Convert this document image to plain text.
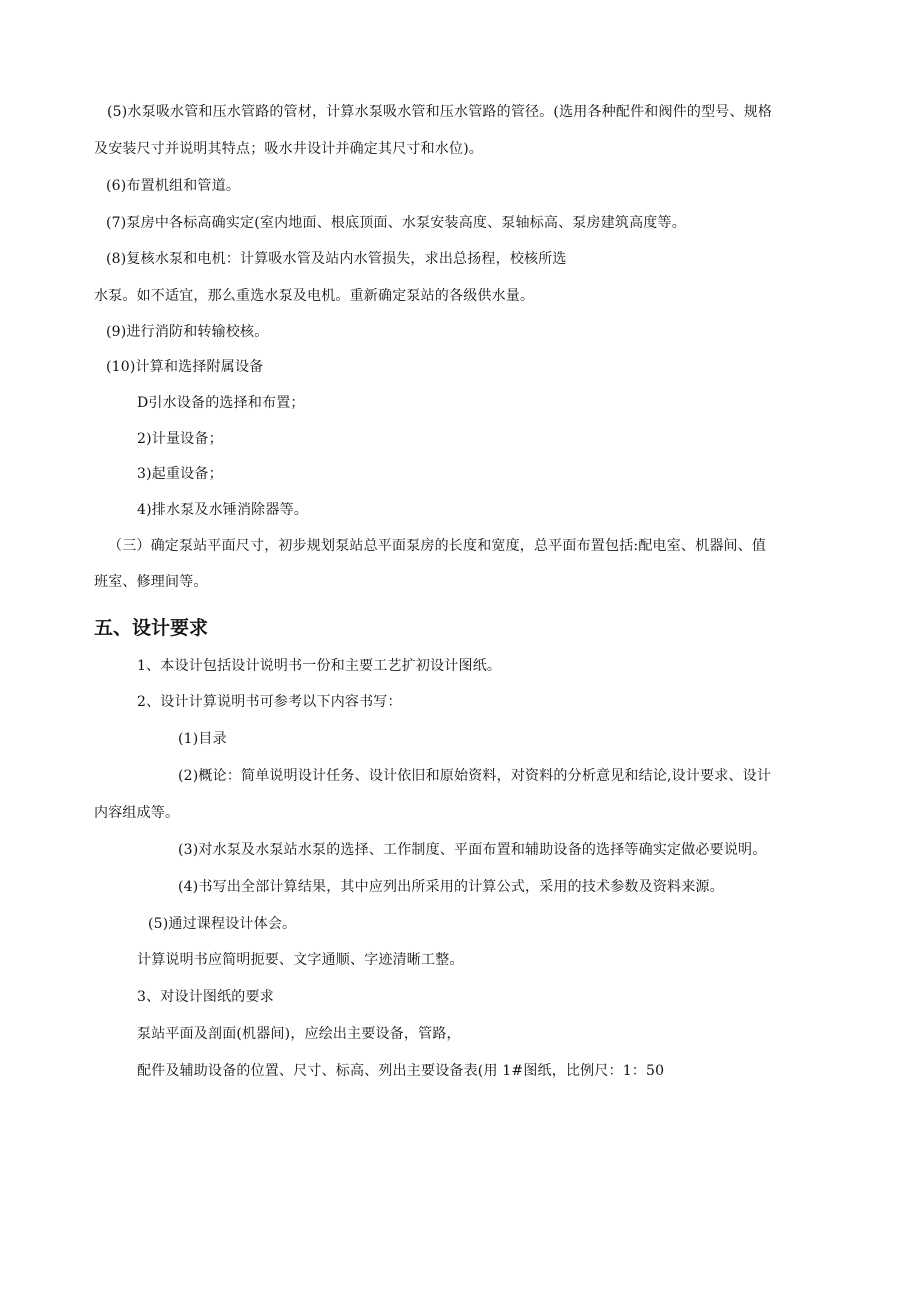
(5)水泵吸水管和压水管路的管材，计算水泵吸水管和压水管路的管径。(选用各种配件和阀件的型号、规格
及安装尺寸并说明其特点；吸水井设计并确定其尺寸和水位)。
(6)布置机组和管道。
(7)泵房中各标高确实定(室内地面、根底顶面、水泵安装高度、泵轴标高、泵房建筑高度等。
(8)复核水泵和电机：计算吸水管及站内水管损失，求出总扬程，校核所选
水泵。如不适宜，那么重选水泵及电机。重新确定泵站的各级供水量。
(9)进行消防和转输校核。
(10)计算和选择附属设备
D引水设备的选择和布置；
2)计量设备；
3)起重设备；
4)排水泵及水锤消除器等。
（三）确定泵站平面尺寸，初步规划泵站总平面泵房的长度和宽度，总平面布置包括:配电室、机器间、值
班室、修理间等。
五、设计要求
1、本设计包括设计说明书一份和主要工艺扩初设计图纸。
2、设计计算说明书可参考以下内容书写：
(1)目录
(2)概论：简单说明设计任务、设计依旧和原始资料，对资料的分析意见和结论,设计要求、设计
内容组成等。
(3)对水泵及水泵站水泵的选择、工作制度、平面布置和辅助设备的选择等确实定做必要说明。
(4)书写出全部计算结果，其中应列出所采用的计算公式，采用的技术参数及资料来源。
(5)通过课程设计体会。
计算说明书应简明扼要、文字通顺、字迹清晰工整。
3、对设计图纸的要求
泵站平面及剖面(机器间)，应绘出主要设备，管路，
配件及辅助设备的位置、尺寸、标高、列出主要设备表(用 1#图纸，比例尺：1：50
